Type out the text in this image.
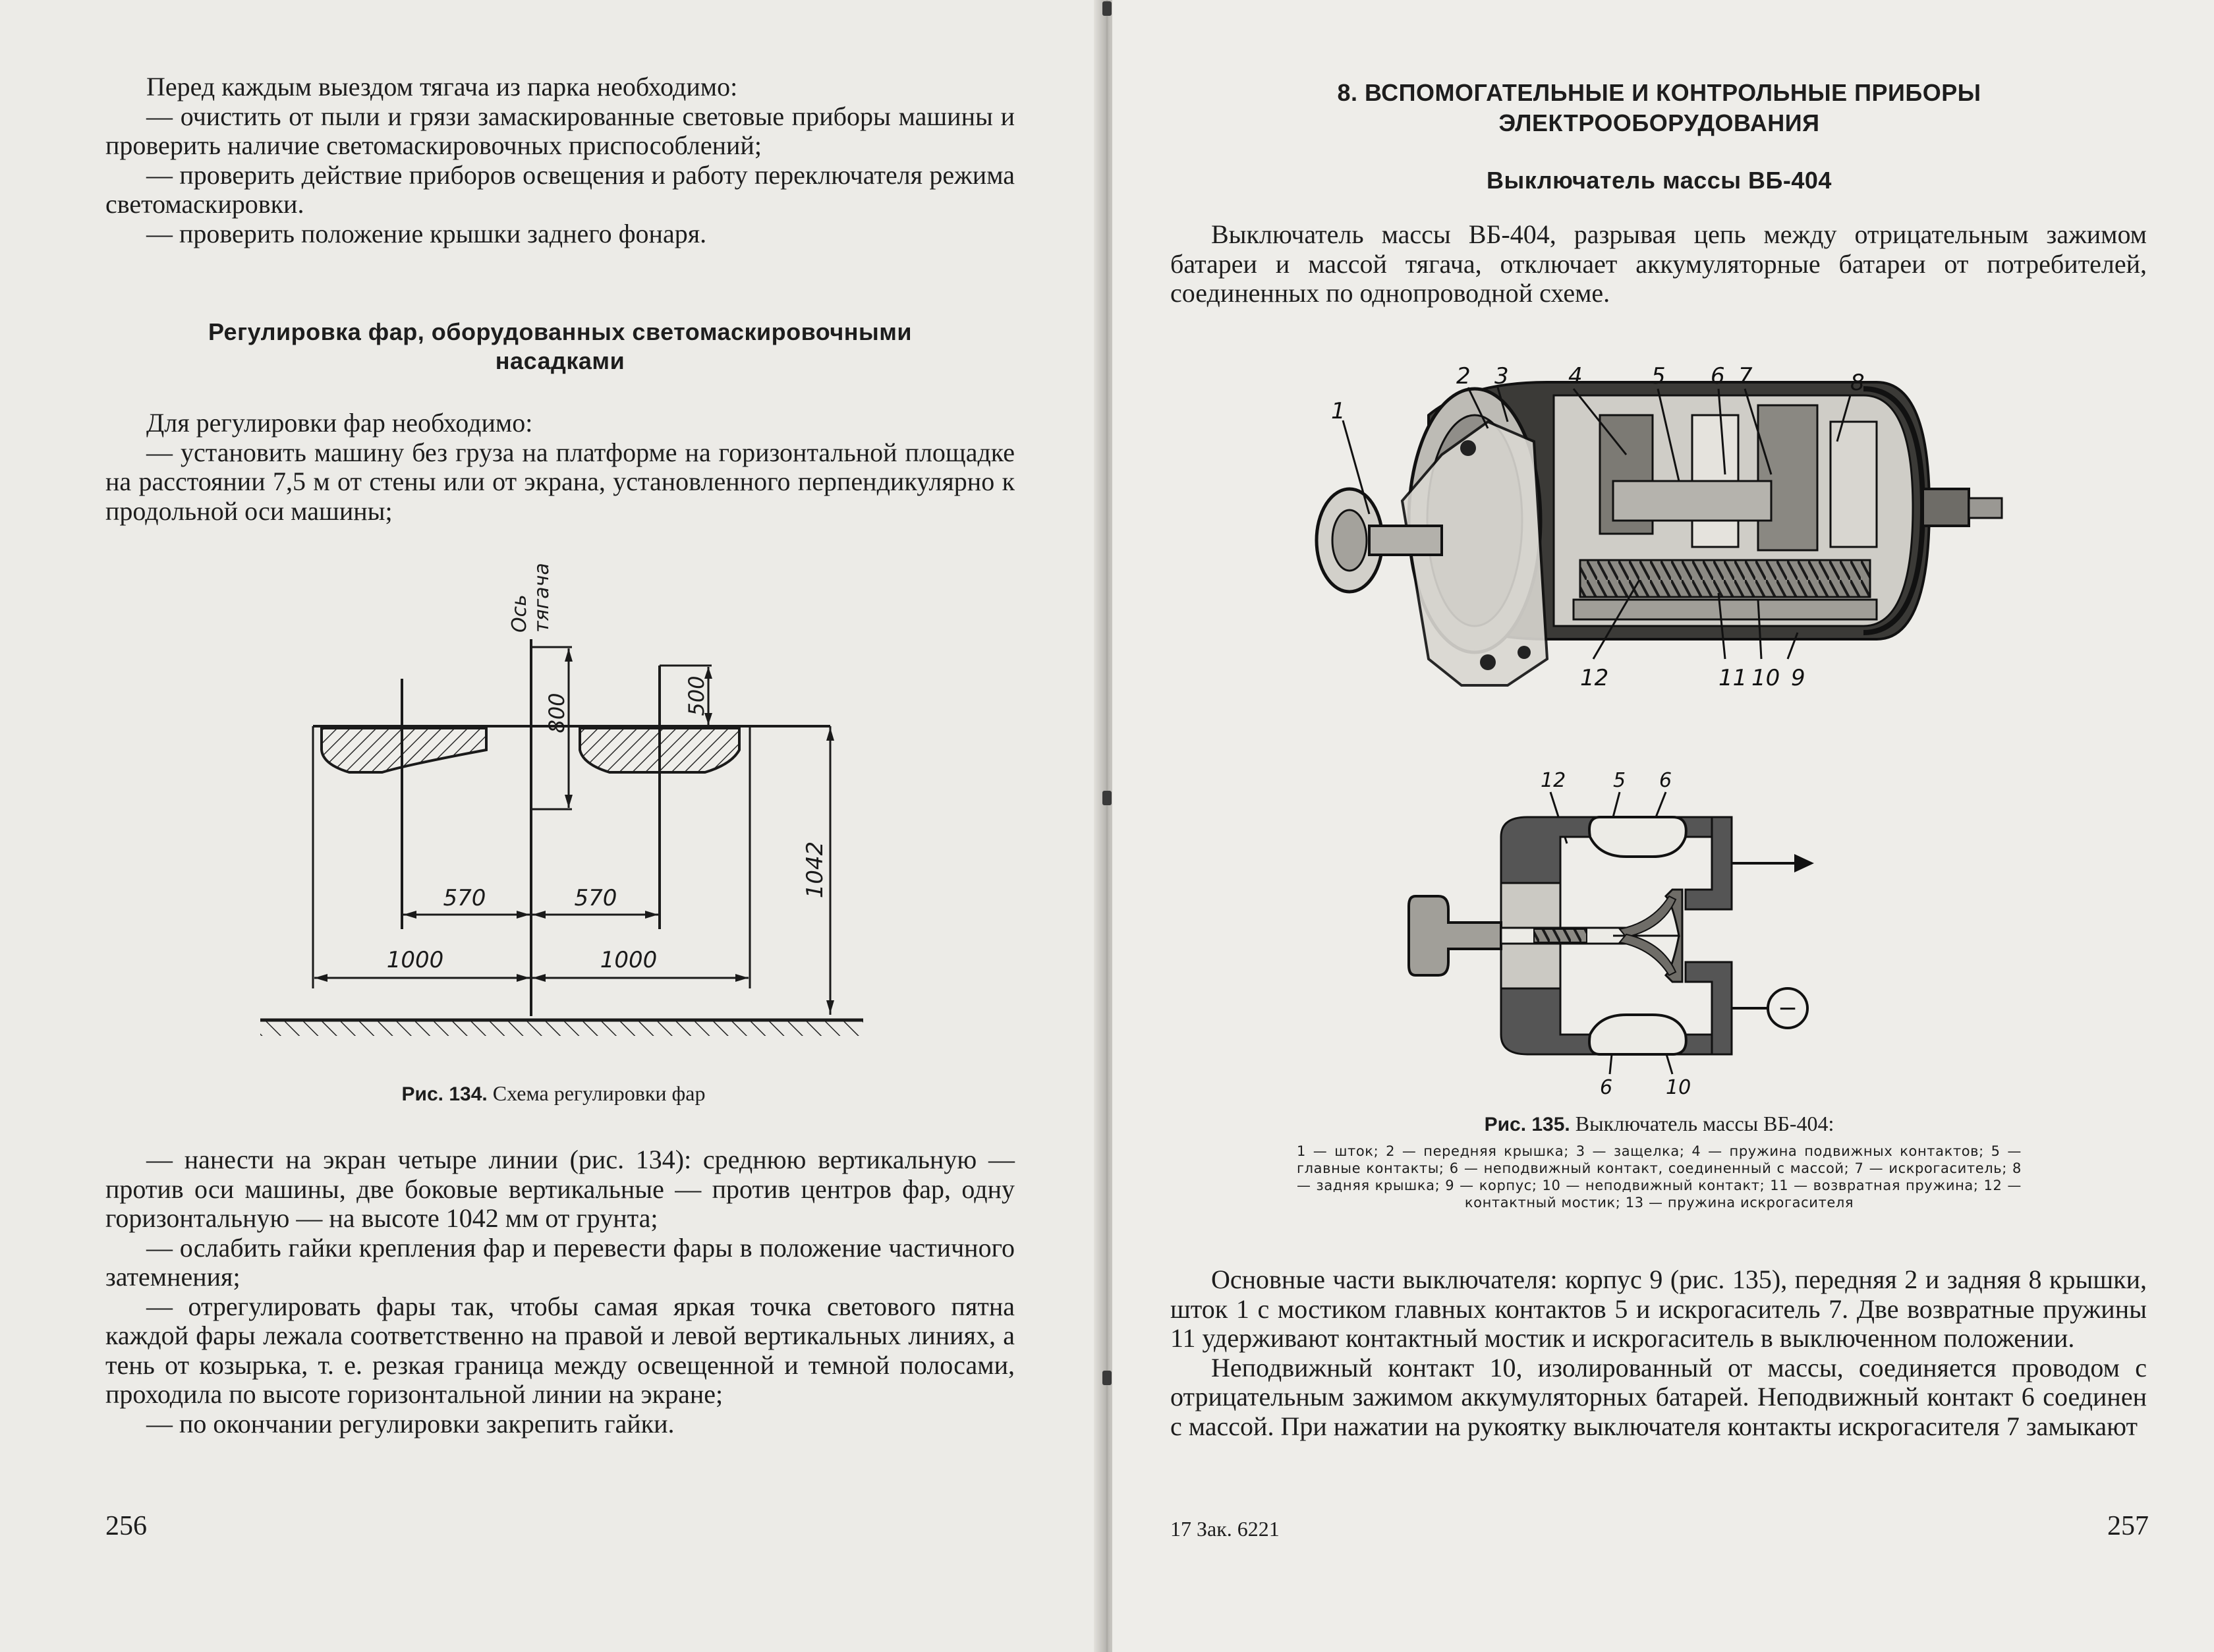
Перед каждым выездом тягача из парка необходимо:

— очистить от пыли и грязи замаскированные световые приборы машины и проверить наличие светомаскировочных приспособлений;

— проверить действие приборов освещения и работу переключателя режима светомаскировки.

— проверить положение крышки заднего фонаря.

Регулировка фар, оборудованных светомаскировочными насадками

Для регулировки фар необходимо:

— установить машину без груза на платформе на горизонтальной площадке на расстоянии 7,5 м от стены или от экрана, установленного перпендикулярно к продольной оси машины;

Ось тягача
800	500
570	570
1000	1000
1042
Рис. 134. Схема регулировки фар

— нанести на экран четыре линии (рис. 134): среднюю вертикальную — против оси машины, две боковые вертикальные — против центров фар, одну горизонтальную — на высоте 1042 мм от грунта;

— ослабить гайки крепления фар и перевести фары в положение частичного затемнения;

— отрегулировать фары так, чтобы самая яркая точка светового пятна каждой фары лежала соответственно на правой и левой вертикальных линиях, а тень от козырька, т. е. резкая граница между освещенной и темной полосами, проходила по высоте горизонтальной линии на экране;

— по окончании регулировки закрепить гайки.

256
8. ВСПОМОГАТЕЛЬНЫЕ И КОНТРОЛЬНЫЕ ПРИБОРЫ
ЭЛЕКТРООБОРУДОВАНИЯ
Выключатель массы ВБ-404

Выключатель массы ВБ-404, разрывая цепь между отрицательным зажимом батареи и массой тягача, отключает аккумуляторные батареи от потребителей, соединенных по однопроводной схеме.

1
2 3	4	5 6 7	8
12	11 10 9
12 5 6
6	10
−
Рис. 135. Выключатель массы ВБ-404:

1 — шток; 2 — передняя крышка; 3 — защелка; 4 — пружина подвижных контактов; 5 — главные контакты; 6 — неподвижный контакт, соединенный с массой; 7 — искрогаситель; 8 — задняя крышка; 9 — корпус; 10 — неподвижный контакт; 11 — возвратная пружина; 12 — контактный мостик; 13 — пружина искрогасителя

Основные части выключателя: корпус 9 (рис. 135), передняя 2 и задняя 8 крышки, шток 1 с мостиком главных контактов 5 и искрогаситель 7. Две возвратные пружины 11 удерживают контактный мостик и искрогаситель в выключенном положении.

Неподвижный контакт 10, изолированный от массы, соединяется проводом с отрицательным зажимом аккумуляторных батарей. Неподвижный контакт 6 соединен с массой. При нажатии на рукоятку выключателя контакты искрогасителя 7 замыкают

17 Зак. 6221	257
